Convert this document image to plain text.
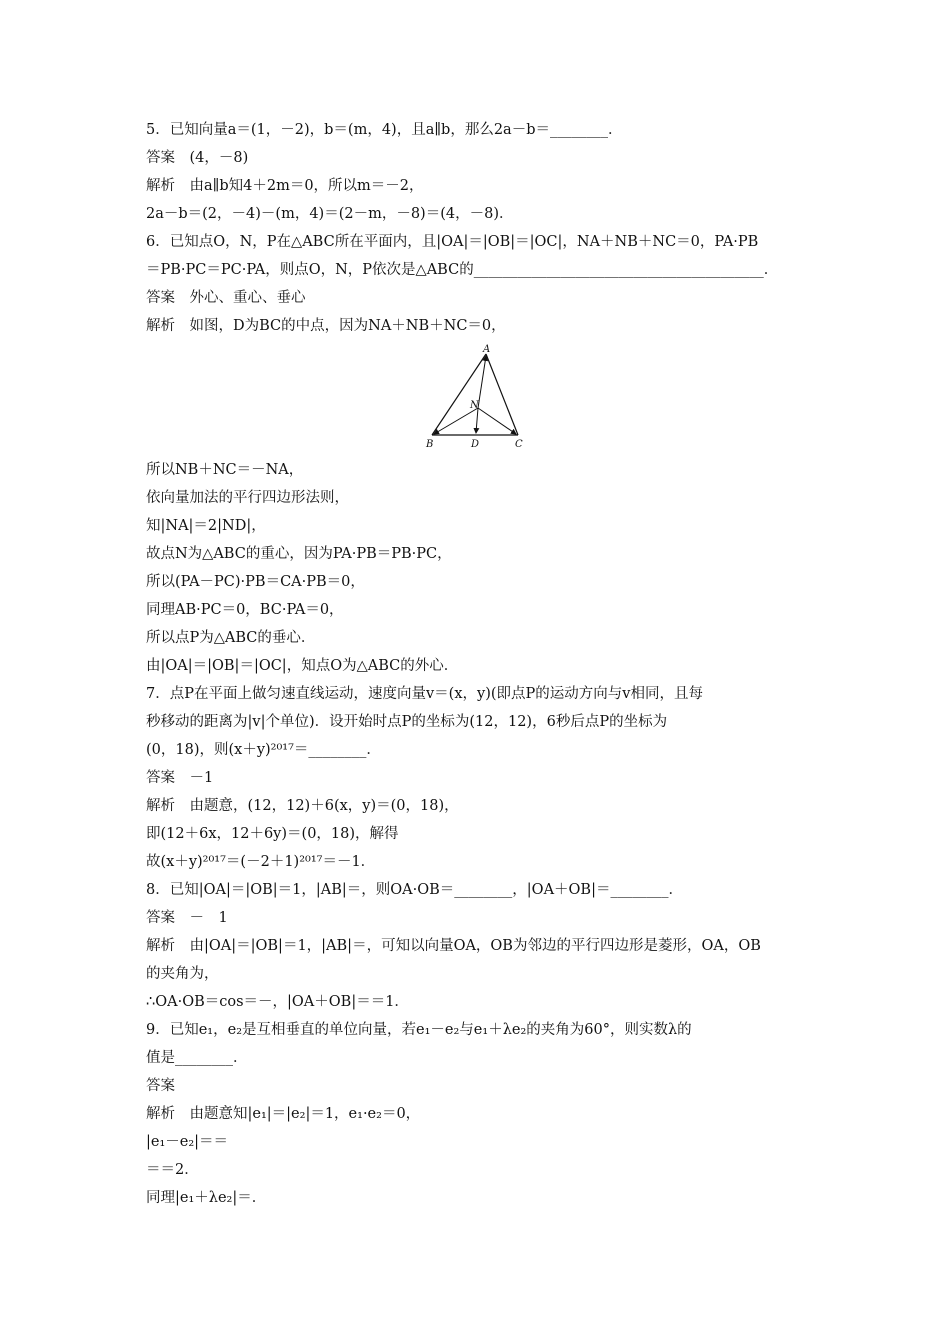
5．已知向量a＝(1，－2)，b＝(m，4)，且a∥b，那么2a－b＝________．
答案　(4，－8)
解析　由a∥b知4＋2m＝0，所以m＝－2，
2a－b＝(2，－4)－(m，4)＝(2－m，－8)＝(4，－8)．
6．已知点O，N，P在△ABC所在平面内，且|OA|＝|OB|＝|OC|，NA＋NB＋NC＝0，PA·PB
＝PB·PC＝PC·PA，则点O，N，P依次是△ABC的________________________________________．
答案　外心、重心、垂心
解析　如图，D为BC的中点，因为NA＋NB＋NC＝0，
A
B	D	C
N
所以NB＋NC＝－NA，
依向量加法的平行四边形法则，
知|NA|＝2|ND|，
故点N为△ABC的重心，因为PA·PB＝PB·PC，
所以(PA－PC)·PB＝CA·PB＝0，
同理AB·PC＝0，BC·PA＝0，
所以点P为△ABC的垂心．
由|OA|＝|OB|＝|OC|，知点O为△ABC的外心．
7．点P在平面上做匀速直线运动，速度向量v＝(x，y)(即点P的运动方向与v相同，且每
秒移动的距离为|v|个单位)．设开始时点P的坐标为(12，12)，6秒后点P的坐标为
(0，18)，则(x＋y)²⁰¹⁷＝________．
答案　－1
解析　由题意，(12，12)＋6(x，y)＝(0，18)，
即(12＋6x，12＋6y)＝(0，18)，解得
故(x＋y)²⁰¹⁷＝(－2＋1)²⁰¹⁷＝－1．
8．已知|OA|＝|OB|＝1，|AB|＝，则OA·OB＝________，|OA＋OB|＝________．
答案　－　1
解析　由|OA|＝|OB|＝1，|AB|＝，可知以向量OA，OB为邻边的平行四边形是菱形，OA，OB
的夹角为，
∴OA·OB＝cos＝－，|OA＋OB|＝＝1．
9．已知e₁，e₂是互相垂直的单位向量，若e₁－e₂与e₁＋λe₂的夹角为60°，则实数λ的
值是________．
答案
解析　由题意知|e₁|＝|e₂|＝1，e₁·e₂＝0，
|e₁－e₂|＝＝
＝＝2．
同理|e₁＋λe₂|＝．
